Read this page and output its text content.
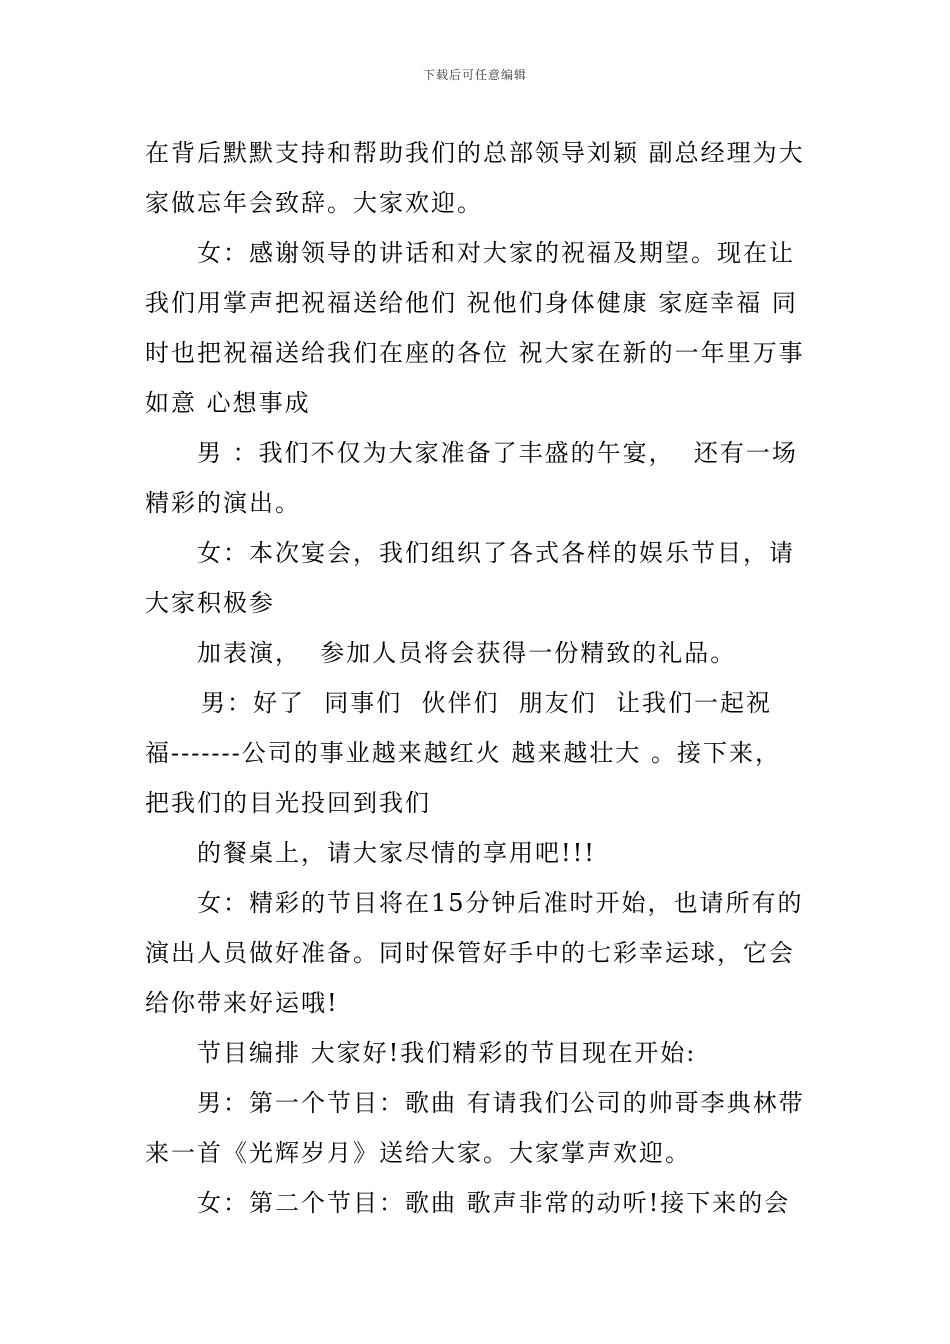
下载后可任意编辑
在背后默默支持和帮助我们的总部领导刘颖 副总经理为大
家做忘年会致辞。大家欢迎。
女：感谢领导的讲话和对大家的祝福及期望。现在让
我们用掌声把祝福送给他们 祝他们身体健康 家庭幸福 同
时也把祝福送给我们在座的各位 祝大家在新的一年里万事
如意 心想事成
男 ：我们不仅为大家准备了丰盛的午宴，  还有一场
精彩的演出。
女：本次宴会，我们组织了各式各样的娱乐节目，请
大家积极参
加表演，  参加人员将会获得一份精致的礼品。
男：好了  同事们  伙伴们  朋友们  让我们一起祝
福-------公司的事业越来越红火 越来越壮大 。接下来，
把我们的目光投回到我们
的餐桌上，请大家尽情的享用吧!!!
女：精彩的节目将在15分钟后准时开始，也请所有的
演出人员做好准备。同时保管好手中的七彩幸运球，它会
给你带来好运哦!
节目编排 大家好!我们精彩的节目现在开始:
男：第一个节目：歌曲 有请我们公司的帅哥李典林带
来一首《光辉岁月》送给大家。大家掌声欢迎。
女：第二个节目：歌曲 歌声非常的动听!接下来的会
